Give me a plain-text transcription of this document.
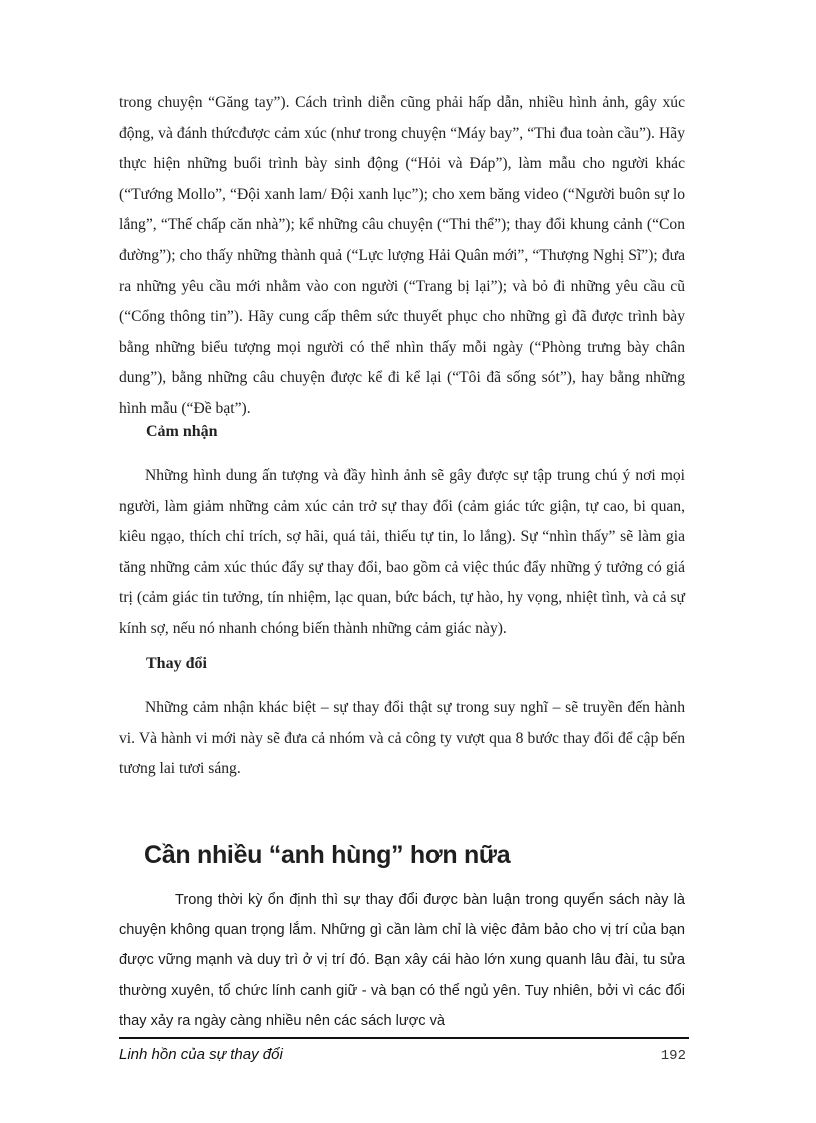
trong chuyện “Găng tay”). Cách trình diễn cũng phải hấp dẫn, nhiều hình ảnh, gây xúc động, và đánh thứcđược cảm xúc (như trong chuyện “Máy bay”, “Thi đua toàn cầu”). Hãy thực hiện những buổi trình bày sinh động (“Hỏi và Đáp”), làm mẫu cho người khác (“Tướng Mollo”, “Đội xanh lam/ Đội xanh lục”); cho xem băng video (“Người buôn sự lo lắng”, “Thế chấp căn nhà”); kể những câu chuyện (“Thi thể”); thay đổi khung cảnh (“Con đường”); cho thấy những thành quả (“Lực lượng Hải Quân mới”, “Thượng Nghị Sĩ”); đưa ra những yêu cầu mới nhằm vào con người (“Trang bị lại”); và bỏ đi những yêu cầu cũ (“Cổng thông tin”). Hãy cung cấp thêm sức thuyết phục cho những gì đã được trình bày bằng những biểu tượng mọi người có thể nhìn thấy mỗi ngày (“Phòng trưng bày chân dung”), bằng những câu chuyện được kể đi kể lại (“Tôi đã sống sót”), hay bằng những hình mẫu (“Đề bạt”).

Cảm nhận

Những hình dung ấn tượng và đầy hình ảnh sẽ gây được sự tập trung chú ý nơi mọi người, làm giảm những cảm xúc cản trở sự thay đổi (cảm giác tức giận, tự cao, bi quan, kiêu ngạo, thích chỉ trích, sợ hãi, quá tải, thiếu tự tin, lo lắng). Sự “nhìn thấy” sẽ làm gia tăng những cảm xúc thúc đẩy sự thay đổi, bao gồm cả việc thúc đẩy những ý tưởng có giá trị (cảm giác tin tưởng, tín nhiệm, lạc quan, bức bách, tự hào, hy vọng, nhiệt tình, và cả sự kính sợ, nếu nó nhanh chóng biến thành những cảm giác này).

Thay đổi

Những cảm nhận khác biệt – sự thay đổi thật sự trong suy nghĩ – sẽ truyền đến hành vi. Và hành vi mới này sẽ đưa cả nhóm và cả công ty vượt qua 8 bước thay đổi để cập bến tương lai tươi sáng.

Cần nhiều “anh hùng” hơn nữa

Trong thời kỳ ổn định thì sự thay đổi được bàn luận trong quyển sách này là chuyện không quan trọng lắm. Những gì cần làm chỉ là việc đảm bảo cho vị trí của bạn được vững mạnh và duy trì ở vị trí đó. Bạn xây cái hào lớn xung quanh lâu đài, tu sửa thường xuyên, tổ chức lính canh giữ - và bạn có thể ngủ yên. Tuy nhiên, bởi vì các đổi thay xảy ra ngày càng nhiều nên các sách lược và

Linh hồn của sự thay đổi	192
